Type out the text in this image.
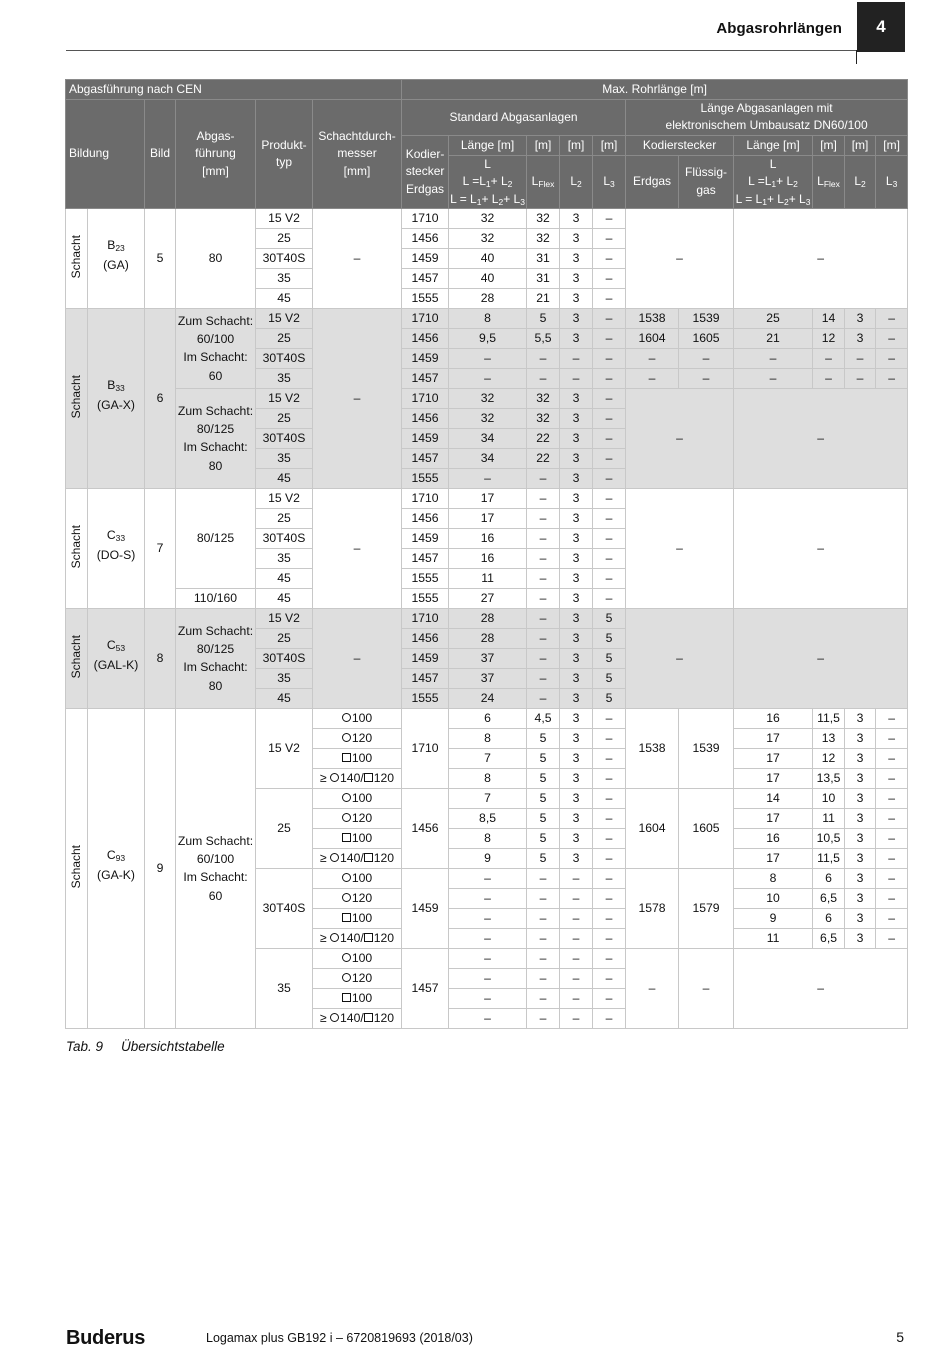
Abgasrohrlängen	4
Abgasführung nach CEN						Max. Rohrlänge [m]										
Bildung		Bild	Abgas-
führung
[mm]	Produkt-
typ	Schachtdurch-
messer
[mm]	Standard Abgasanlagen					Länge Abgasanlagen mit
elektronischem Umbausatz DN60/100					
						Kodier-
stecker
Erdgas	Länge [m]	[m]	[m]	[m]	Kodierstecker		Länge [m]	[m]	[m]	[m]
							L
$L =L_1+ L_2$
$L = L_1+ L_2+ L_3$	$L_{Flex}$	$L_2$	$L_3$	Erdgas	Flüssig-
gas	L
$L =L_1+ L_2$
$L = L_1+ L_2+ L_3$	$L_{Flex}$	$L_2$	$L_3$
Schacht	$B_{23}$
(GA)	5	80	15 V2	–	1710	32	32	3	–	–		–			
				25		1456	32	32	3	–						
				30T40S		1459	40	31	3	–						
				35		1457	40	31	3	–						
				45		1555	28	21	3	–						
Schacht	$B_{33}$
(GA-X)	6	Zum Schacht:
60/100
Im Schacht:
60	15 V2	–	1710	8	5	3	–	1538	1539	25	14	3	–
				25		1456	9,5	5,5	3	–	1604	1605	21	12	3	–
				30T40S		1459	–	–	–	–	–	–	–	–	–	–
				35		1457	–	–	–	–	–	–	–	–	–	–
			Zum Schacht:
80/125
Im Schacht:
80	15 V2		1710	32	32	3	–	–		–			
				25		1456	32	32	3	–						
				30T40S		1459	34	22	3	–						
				35		1457	34	22	3	–						
				45		1555	–	–	3	–						
Schacht	$C_{33}$
(DO-S)	7	80/125	15 V2	–	1710	17	–	3	–	–		–			
				25		1456	17	–	3	–						
				30T40S		1459	16	–	3	–						
				35		1457	16	–	3	–						
				45		1555	11	–	3	–						
			110/160	45		1555	27	–	3	–						
Schacht	$C_{53}$
(GAL-K)	8	Zum Schacht:
80/125
Im Schacht:
80	15 V2	–	1710	28	–	3	5	–		–			
				25		1456	28	–	3	5						
				30T40S		1459	37	–	3	5						
				35		1457	37	–	3	5						
				45		1555	24	–	3	5						
Schacht	$C_{93}$
(GA-K)	9	Zum Schacht:
60/100
Im Schacht:
60	15 V2	100	1710	6	4,5	3	–	1538	1539	16	11,5	3	–
					120		8	5	3	–			17	13	3	–
					100		7	5	3	–			17	12	3	–
					≥ 140/ 120		8	5	3	–			17	13,5	3	–
				25	100	1456	7	5	3	–	1604	1605	14	10	3	–
					120		8,5	5	3	–			17	11	3	–
					100		8	5	3	–			16	10,5	3	–
					≥ 140/ 120		9	5	3	–			17	11,5	3	–
				30T40S	100	1459	–	–	–	–	1578	1579	8	6	3	–
					120		–	–	–	–			10	6,5	3	–
					100		–	–	–	–			9	6	3	–
					≥ 140/ 120		–	–	–	–			11	6,5	3	–
				35	100	1457	–	–	–	–	–	–	–			
					120		–	–	–	–						
					100		–	–	–	–						
					≥ 140/ 120		–	–	–	–						
Tab. 9 Übersichtstabelle
Buderus	Logamax plus GB192 i – 6720819693 (2018/03)	5
